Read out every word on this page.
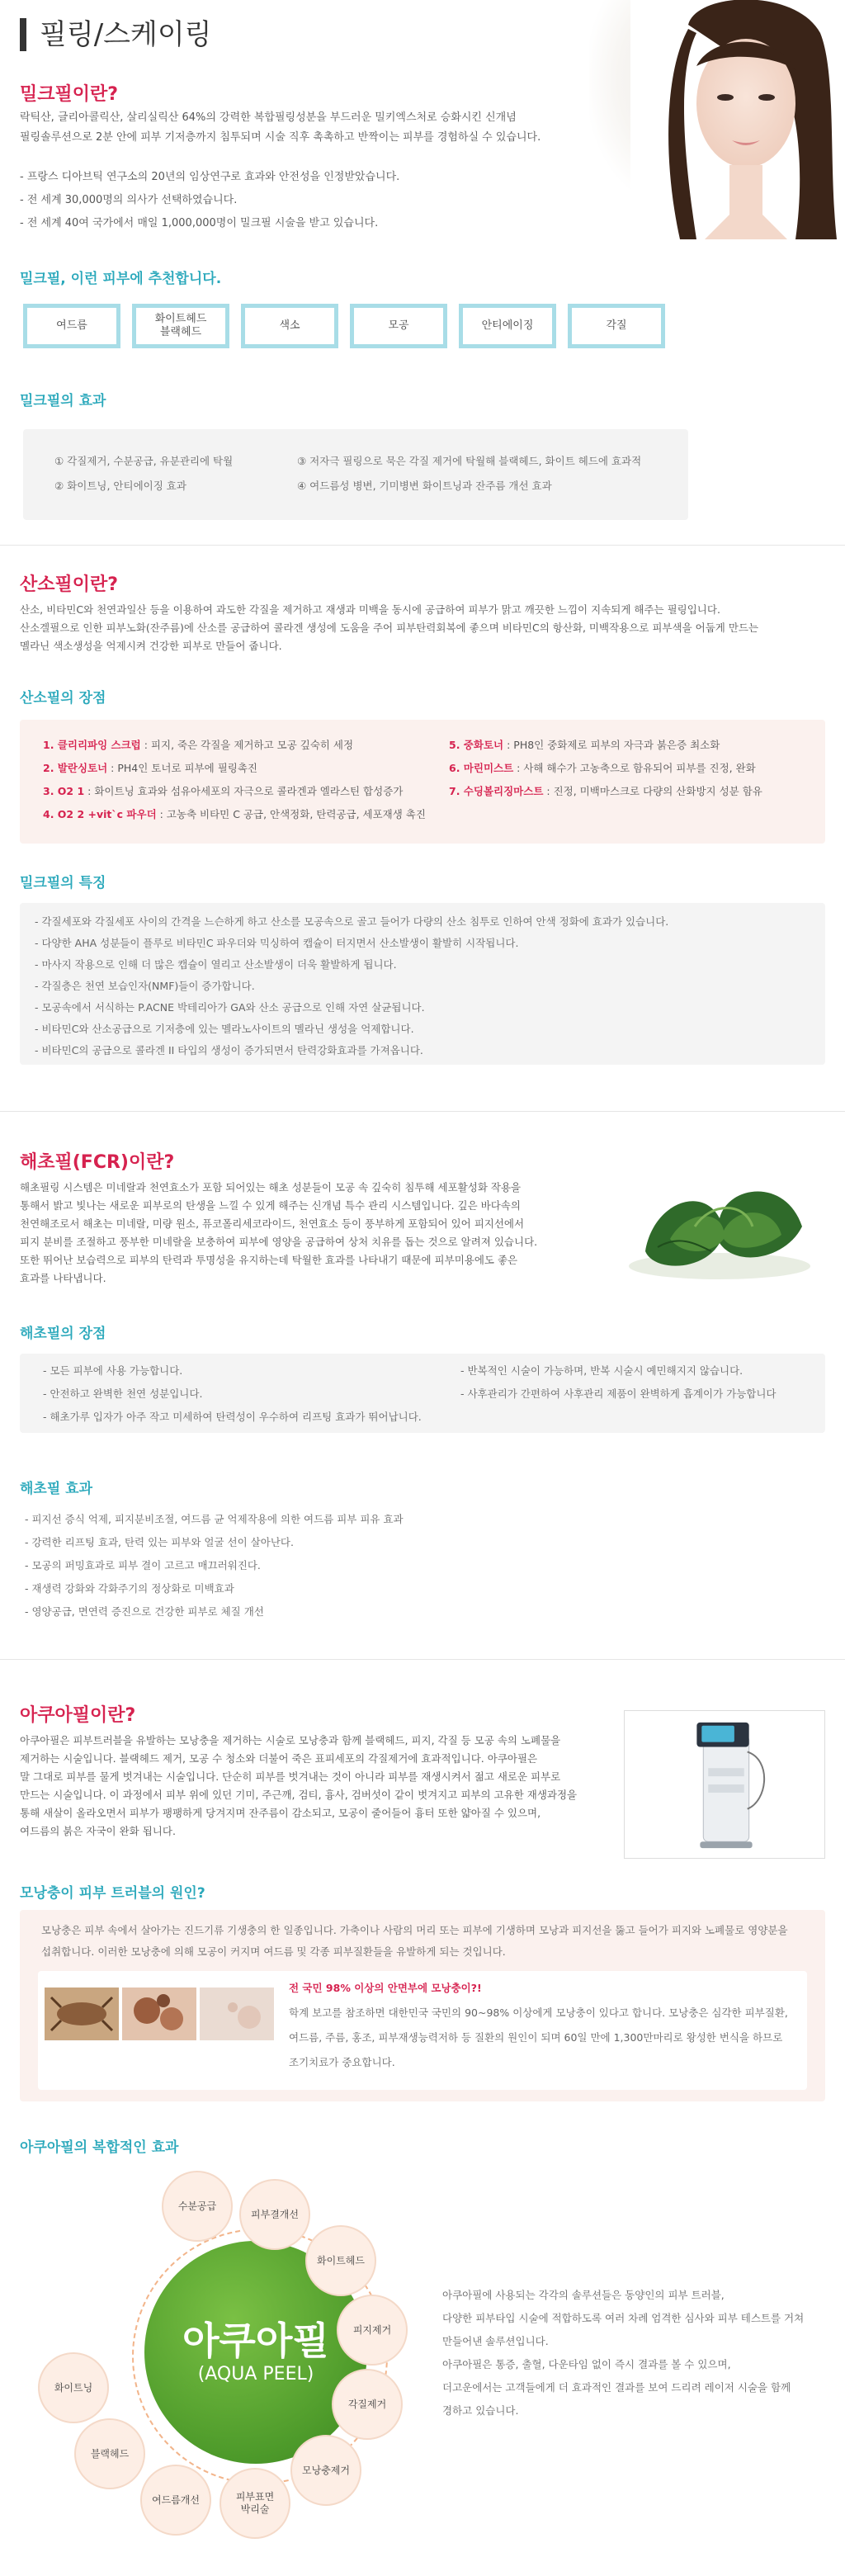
필링/스케이링
밀크필이란?
락틱산, 글리아콜릭산, 살리실릭산 64%의 강력한 복합필링성분을 부드러운 밀키엑스처로 승화시킨 신개념
필링솔루션으로 2분 안에 피부 기저층까지 침투되며 시술 직후 촉촉하고 반짝이는 피부를 경험하실 수 있습니다.
- 프랑스 디아브틱 연구소의 20년의 임상연구로 효과와 안전성을 인정받았습니다.
- 전 세계 30,000명의 의사가 선택하였습니다.
- 전 세계 40여 국가에서 매일 1,000,000명이 밀크필 시술을 받고 있습니다.
밀크필, 이런 피부에 추천합니다.
여드름
화이트헤드
블랙헤드
색소	모공	안티에이징	각질
밀크필의 효과
① 각질제거, 수분공급, 유분관리에 탁월
② 화이트닝, 안티에이징 효과
③ 저자극 필링으로 묵은 각질 제거에 탁월해 블랙헤드, 화이트 헤드에 효과적
④ 여드름성 병변, 기미병변 화이트닝과 잔주름 개선 효과
산소필이란?
산소, 비타민C와 천연과일산 등을 이용하여 과도한 각질을 제거하고 재생과 미백을 동시에 공급하여 피부가 맑고 깨끗한 느낌이 지속되게 해주는 필링입니다.
산소겔필으로 인한 피부노화(잔주름)에 산소를 공급하여 콜라겐 생성에 도움을 주어 피부탄력회복에 좋으며 비타민C의 항산화, 미백작용으로 피부색을 어둡게 만드는
멜라닌 색소생성을 억제시켜 건강한 피부로 만들어 줍니다.
산소필의 장점
1. 클리리파잉 스크럽 : 피지, 죽은 각질을 제거하고 모공 깊숙히 세정
2. 발란싱토너 : PH4인 토너로 피부에 필링촉진
3. O2 1 : 화이트닝 효과와 섬유아세포의 자극으로 콜라겐과 엘라스틴 합성증가
4. O2 2 +vit`c 파우더 : 고농축 비타민 C 공급, 안색정화, 탄력공급, 세포재생 촉진
5. 중화토너 : PH8인 중화제로 피부의 자극과 붉은증 최소화
6. 마린미스트 : 사해 해수가 고농축으로 함유되어 피부를 진정, 완화
7. 수딩볼리징마스트 : 진정, 미백마스크로 다량의 산화방지 성분 함유
밀크필의 특징
- 각질세포와 각질세포 사이의 간격을 느슨하게 하고 산소를 모공속으로 골고 들어가 다량의 산소 침투로 인하여 안색 정화에 효과가 있습니다.
- 다양한 AHA 성분들이 플루로 비타민C 파우더와 믹싱하여 캡슐이 터지면서 산소발생이 활발히 시작됩니다.
- 마사지 작용으로 인해 더 많은 캡슐이 열리고 산소발생이 더욱 활발하게 됩니다.
- 각질층은 천연 보습인자(NMF)들이 증가합니다.
- 모공속에서 서식하는 P.ACNE 박테리아가 GA와 산소 공급으로 인해 자연 살균됩니다.
- 비타민C와 산소공급으로 기저층에 있는 멜라노사이트의 멜라닌 생성을 억제합니다.
- 비타민C의 공급으로 콜라겐 II 타입의 생성이 증가되면서 탄력강화효과를 가져옵니다.
해초필(FCR)이란?
해초필링 시스템은 미네랄과 천연효소가 포함 되어있는 해초 성분들이 모공 속 깊숙히 침투해 세포활성화 작용을
통해서 밝고 빛나는 새로운 피부로의 탄생을 느낄 수 있게 해주는 신개념 특수 관리 시스템입니다. 깊은 바다속의
천연해조로서 해초는 미네랄, 미량 원소, 퓨코폴리세코라이드, 천연효소 등이 풍부하게 포함되어 있어 피지선에서
피지 분비를 조절하고 풍부한 미네랄을 보충하여 피부에 영양을 공급하여 상처 치유를 돕는 것으로 알려져 있습니다.
또한 뛰어난 보습력으로 피부의 탄력과 투명성을 유지하는데 탁월한 효과를 나타내기 때문에 피부미용에도 좋은
효과를 나타냅니다.
해초필의 장점
- 모든 피부에 사용 가능합니다.
- 안전하고 완벽한 천연 성분입니다.
- 해초가루 입자가 아주 작고 미세하여 탄력성이 우수하여 리프팅 효과가 뛰어납니다.
- 반복적인 시술이 가능하며, 반복 시술시 예민해지지 않습니다.
- 사후관리가 간편하여 사후관리 제품이 완벽하게 흡계이가 가능합니다
해초필 효과
- 피지선 증식 억제, 피지분비조절, 여드름 균 억제작용에 의한 여드름 피부 피유 효과
- 강력한 리프팅 효과, 탄력 있는 피부와 얼굴 선이 살아난다.
- 모공의 퍼밍효과로 피부 결이 고르고 매끄러워진다.
- 재생력 강화와 각화주기의 정상화로 미백효과
- 영양공급, 면연력 증진으로 건강한 피부로 체질 개선
아쿠아필이란?
아쿠아필은 피부트러블을 유발하는 모낭충을 제거하는 시술로 모낭충과 함께 블랙헤드, 피지, 각질 등 모공 속의 노폐물을
제거하는 시술입니다. 블랙헤드 제거, 모공 수 청소와 더불어 죽은 표피세포의 각질제거에 효과적입니다. 아쿠아필은
말 그대로 피부를 물게 벗겨내는 시술입니다. 단순히 피부를 벗겨내는 것이 아니라 피부를 재생시켜서 젊고 새로운 피부로
만드는 시술입니다. 이 과정에서 피부 위에 있던 기미, 주근깨, 검티, 흉사, 검버섯이 같이 벗겨지고 피부의 고유한 재생과정을
통해 새살이 올라오면서 피부가 팽팽하게 당겨지며 잔주름이 감소되고, 모공이 줄어들어 흉터 또한 얇아질 수 있으며,
여드름의 붉은 자국이 완화 됩니다.
모낭충이 피부 트러블의 원인?
모낭충은 피부 속에서 살아가는 진드기류 기생충의 한 일종입니다. 가축이나 사람의 머리 또는 피부에 기생하며 모낭과 피지선을 뚫고 들어가 피지와 노폐물로 영양분을
섭취합니다. 이러한 모낭충에 의해 모공이 커지며 여드름 및 각종 피부질환들을 유발하게 되는 것입니다.
전 국민 98% 이상의 안면부에 모낭충이?!
학계 보고를 참조하면 대한민국 국민의 90~98% 이상에게 모낭충이 있다고 합니다. 모낭충은 심각한 피부질환,
여드름, 주름, 홍조, 피부재생능력저하 등 질환의 원인이 되며 60일 만에 1,300만마리로 왕성한 번식을 하므로
조기치료가 중요합니다.
아쿠아필의 복합적인 효과
아쿠아필
(AQUA PEEL)
수분공급
피부결개선
화이트헤드
피지제거
각질제거
모낭충제거
피부표면
박리술
여드름개선
블랙헤드
화이트닝
아쿠아필에 사용되는 각각의 솔루션들은 동양인의 피부 트러블,
다양한 피부타입 시술에 적합하도록 여러 차례 엄격한 심사와 피부 테스트를 거쳐
만들어낸 솔루션입니다.
아쿠아필은 통증, 출혈, 다운타임 없이 즉시 결과를 볼 수 있으며,
더고운에서는 고객들에게 더 효과적인 결과를 보여 드리려 레이저 시술을 함께
경하고 있습니다.
